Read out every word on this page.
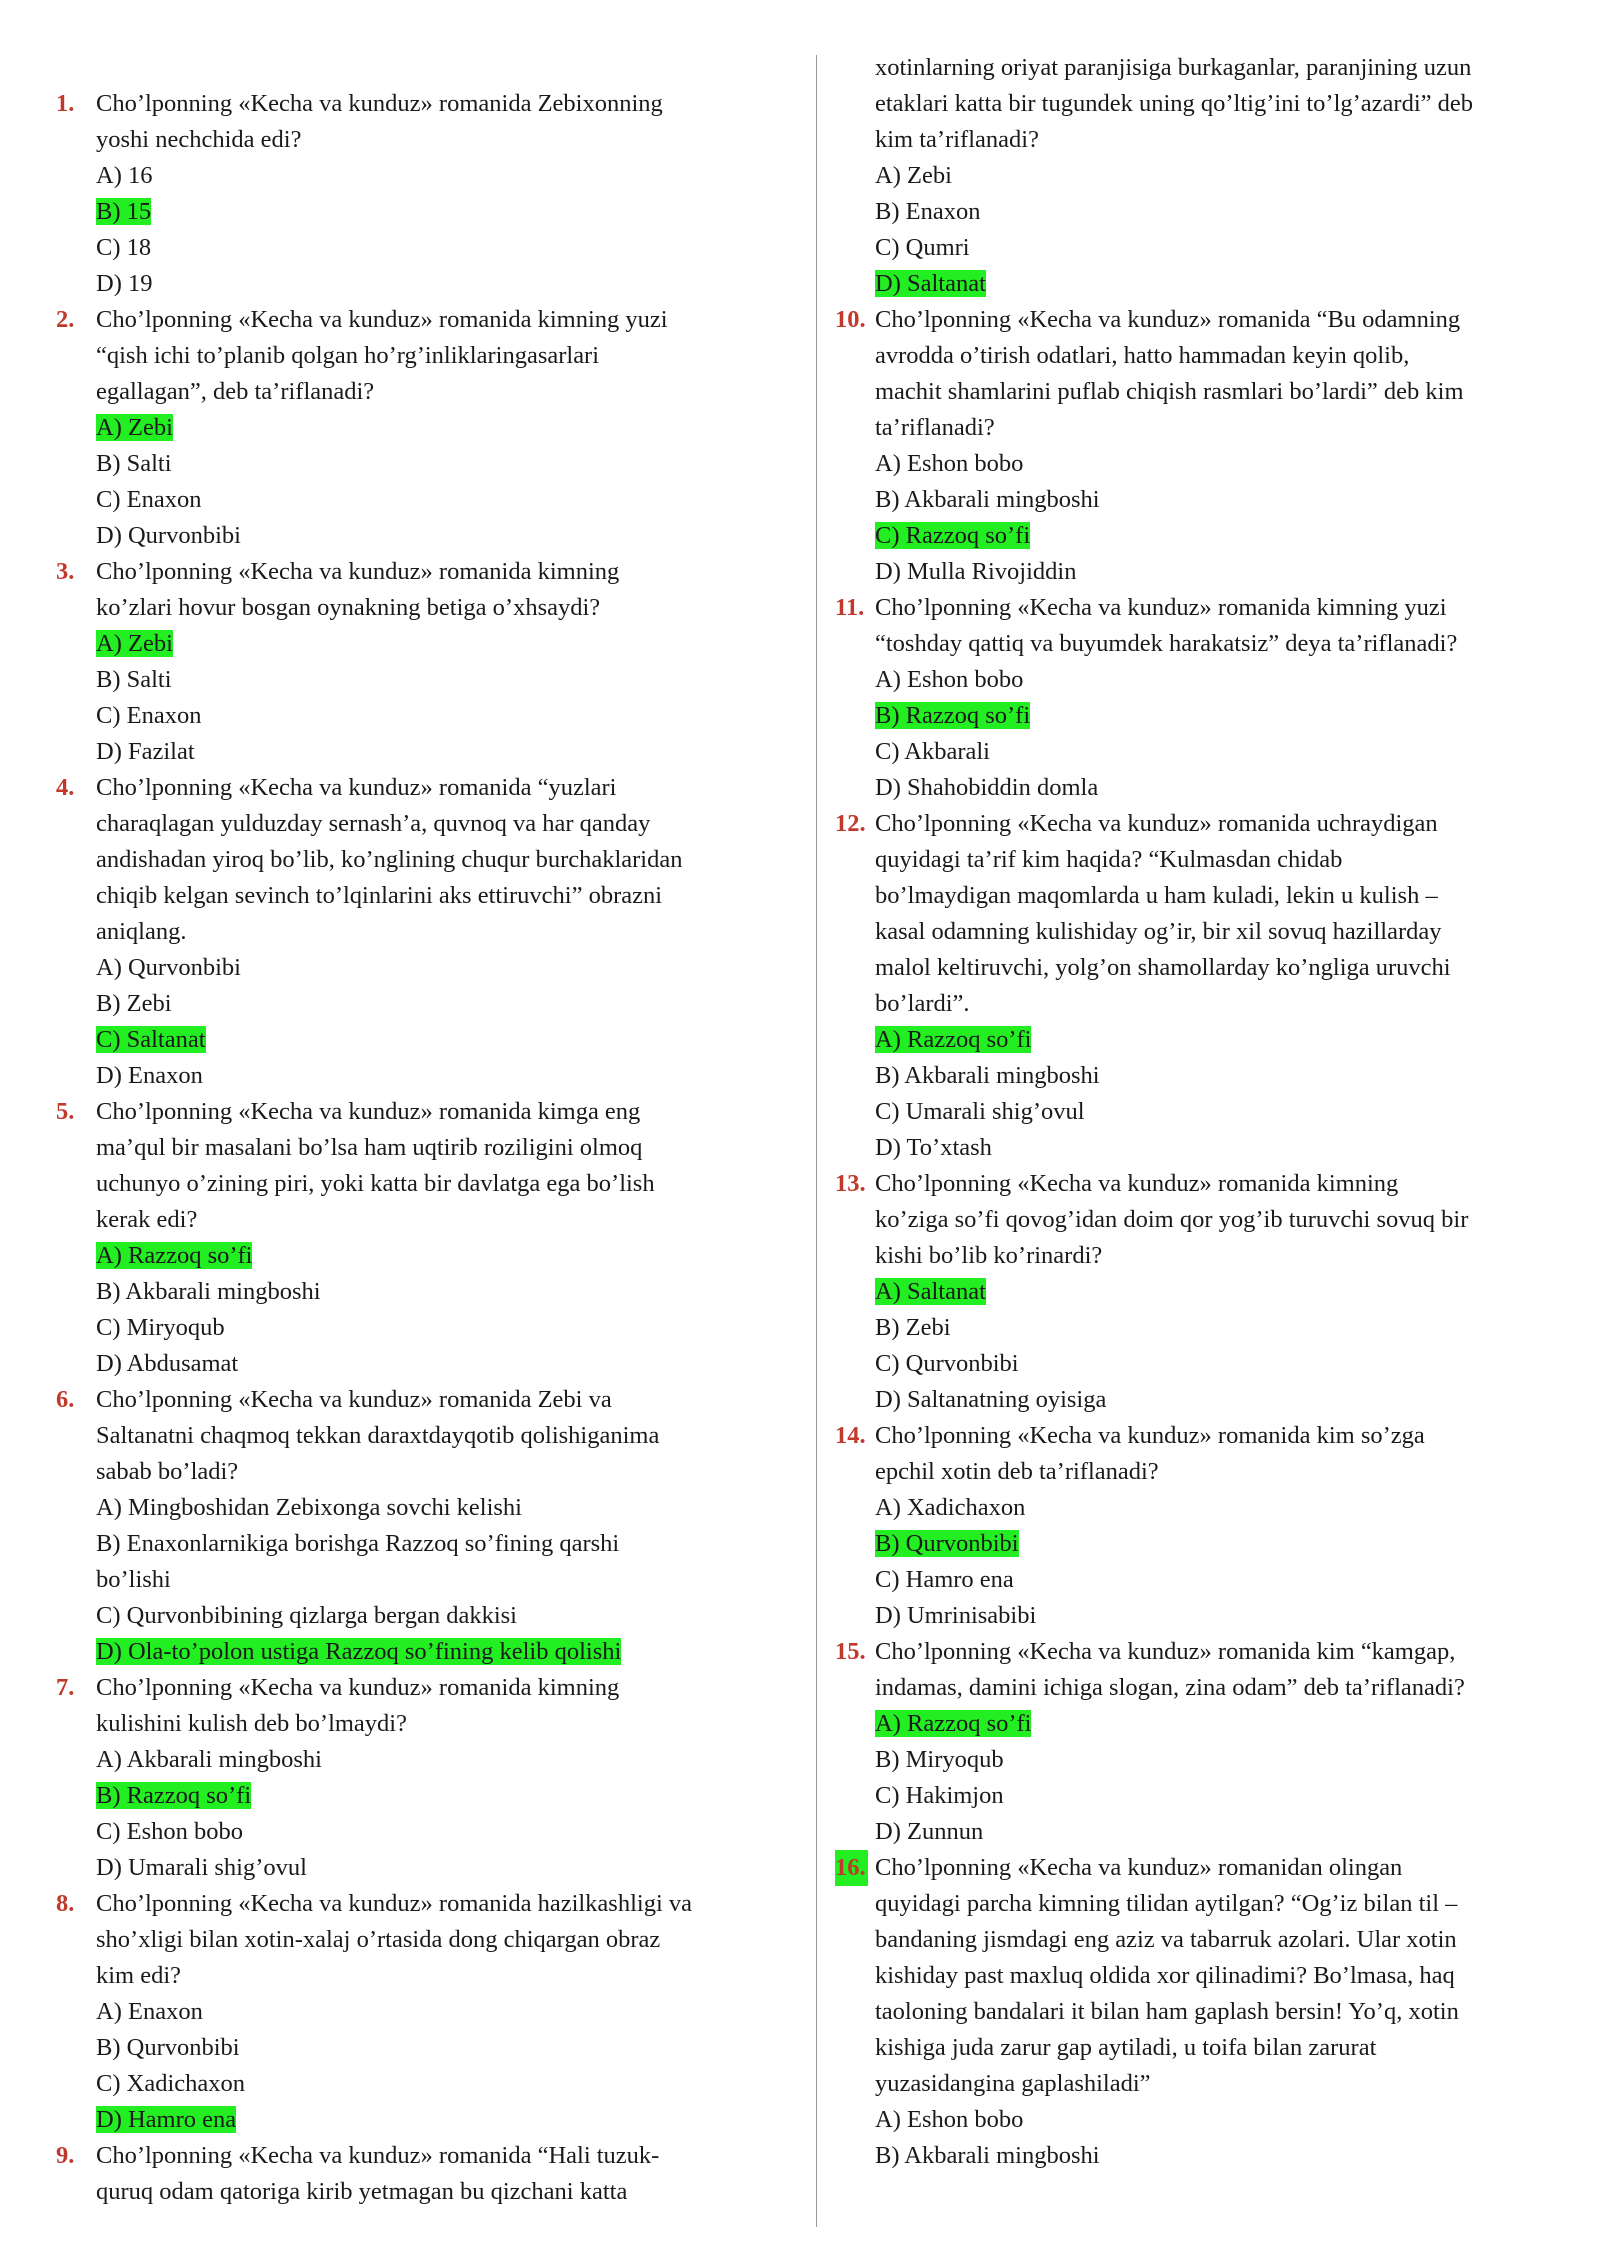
1. Cho’lponning «Kecha va kunduz» romanida Zebixonning
yoshi nechchida edi?
A) 16
B) 15
C) 18
D) 19
2. Cho’lponning «Kecha va kunduz» romanida kimning yuzi
“qish ichi to’planib qolgan ho’rg’inliklaringasarlari
egallagan”, deb ta’riflanadi?
A) Zebi
B) Salti
C) Enaxon
D) Qurvonbibi
3. Cho’lponning «Kecha va kunduz» romanida kimning
ko’zlari hovur bosgan oynakning betiga o’xhsaydi?
A) Zebi
B) Salti
C) Enaxon
D) Fazilat
4. Cho’lponning «Kecha va kunduz» romanida “yuzlari
charaqlagan yulduzday sernash’a, quvnoq va har qanday
andishadan yiroq bo’lib, ko’nglining chuqur burchaklaridan
chiqib kelgan sevinch to’lqinlarini aks ettiruvchi” obrazni
aniqlang.
A) Qurvonbibi
B) Zebi
C) Saltanat
D) Enaxon
5. Cho’lponning «Kecha va kunduz» romanida kimga eng
ma’qul bir masalani bo’lsa ham uqtirib roziligini olmoq
uchunyo o’zining piri, yoki katta bir davlatga ega bo’lish
kerak edi?
A) Razzoq so’fi
B) Akbarali mingboshi
C) Miryoqub
D) Abdusamat
6. Cho’lponning «Kecha va kunduz» romanida Zebi va
Saltanatni chaqmoq tekkan daraxtdayqotib qolishiganima
sabab bo’ladi?
A) Mingboshidan Zebixonga sovchi kelishi
B) Enaxonlarnikiga borishga Razzoq so’fining qarshi
bo’lishi
C) Qurvonbibining qizlarga bergan dakkisi
D) Ola-to’polon ustiga Razzoq so’fining kelib qolishi
7. Cho’lponning «Kecha va kunduz» romanida kimning
kulishini kulish deb bo’lmaydi?
A) Akbarali mingboshi
B) Razzoq so’fi
C) Eshon bobo
D) Umarali shig’ovul
8. Cho’lponning «Kecha va kunduz» romanida hazilkashligi va
sho’xligi bilan xotin-xalaj o’rtasida dong chiqargan obraz
kim edi?
A) Enaxon
B) Qurvonbibi
C) Xadichaxon
D) Hamro ena
9. Cho’lponning «Kecha va kunduz» romanida “Hali tuzuk-
quruq odam qatoriga kirib yetmagan bu qizchani katta
xotinlarning oriyat paranjisiga burkaganlar, paranjining uzun
etaklari katta bir tugundek uning qo’ltig’ini to’lg’azardi” deb
kim ta’riflanadi?
A) Zebi
B) Enaxon
C) Qumri
D) Saltanat
10. Cho’lponning «Kecha va kunduz» romanida “Bu odamning
avrodda o’tirish odatlari, hatto hammadan keyin qolib,
machit shamlarini puflab chiqish rasmlari bo’lardi” deb kim
ta’riflanadi?
A) Eshon bobo
B) Akbarali mingboshi
C) Razzoq so’fi
D) Mulla Rivojiddin
11. Cho’lponning «Kecha va kunduz» romanida kimning yuzi
“toshday qattiq va buyumdek harakatsiz” deya ta’riflanadi?
A) Eshon bobo
B) Razzoq so’fi
C) Akbarali
D) Shahobiddin domla
12. Cho’lponning «Kecha va kunduz» romanida uchraydigan
quyidagi ta’rif kim haqida? “Kulmasdan chidab
bo’lmaydigan maqomlarda u ham kuladi, lekin u kulish –
kasal odamning kulishiday og’ir, bir xil sovuq hazillarday
malol keltiruvchi, yolg’on shamollarday ko’ngliga uruvchi
bo’lardi”.
A) Razzoq so’fi
B) Akbarali mingboshi
C) Umarali shig’ovul
D) To’xtash
13. Cho’lponning «Kecha va kunduz» romanida kimning
ko’ziga so’fi qovog’idan doim qor yog’ib turuvchi sovuq bir
kishi bo’lib ko’rinardi?
A) Saltanat
B) Zebi
C) Qurvonbibi
D) Saltanatning oyisiga
14. Cho’lponning «Kecha va kunduz» romanida kim so’zga
epchil xotin deb ta’riflanadi?
A) Xadichaxon
B) Qurvonbibi
C) Hamro ena
D) Umrinisabibi
15. Cho’lponning «Kecha va kunduz» romanida kim “kamgap,
indamas, damini ichiga slogan, zina odam” deb ta’riflanadi?
A) Razzoq so’fi
B) Miryoqub
C) Hakimjon
D) Zunnun
16. Cho’lponning «Kecha va kunduz» romanidan olingan
quyidagi parcha kimning tilidan aytilgan? “Og’iz bilan til –
bandaning jismdagi eng aziz va tabarruk azolari. Ular xotin
kishiday past maxluq oldida xor qilinadimi? Bo’lmasa, haq
taoloning bandalari it bilan ham gaplash bersin! Yo’q, xotin
kishiga juda zarur gap aytiladi, u toifa bilan zarurat
yuzasidangina gaplashiladi”
A) Eshon bobo
B) Akbarali mingboshi
